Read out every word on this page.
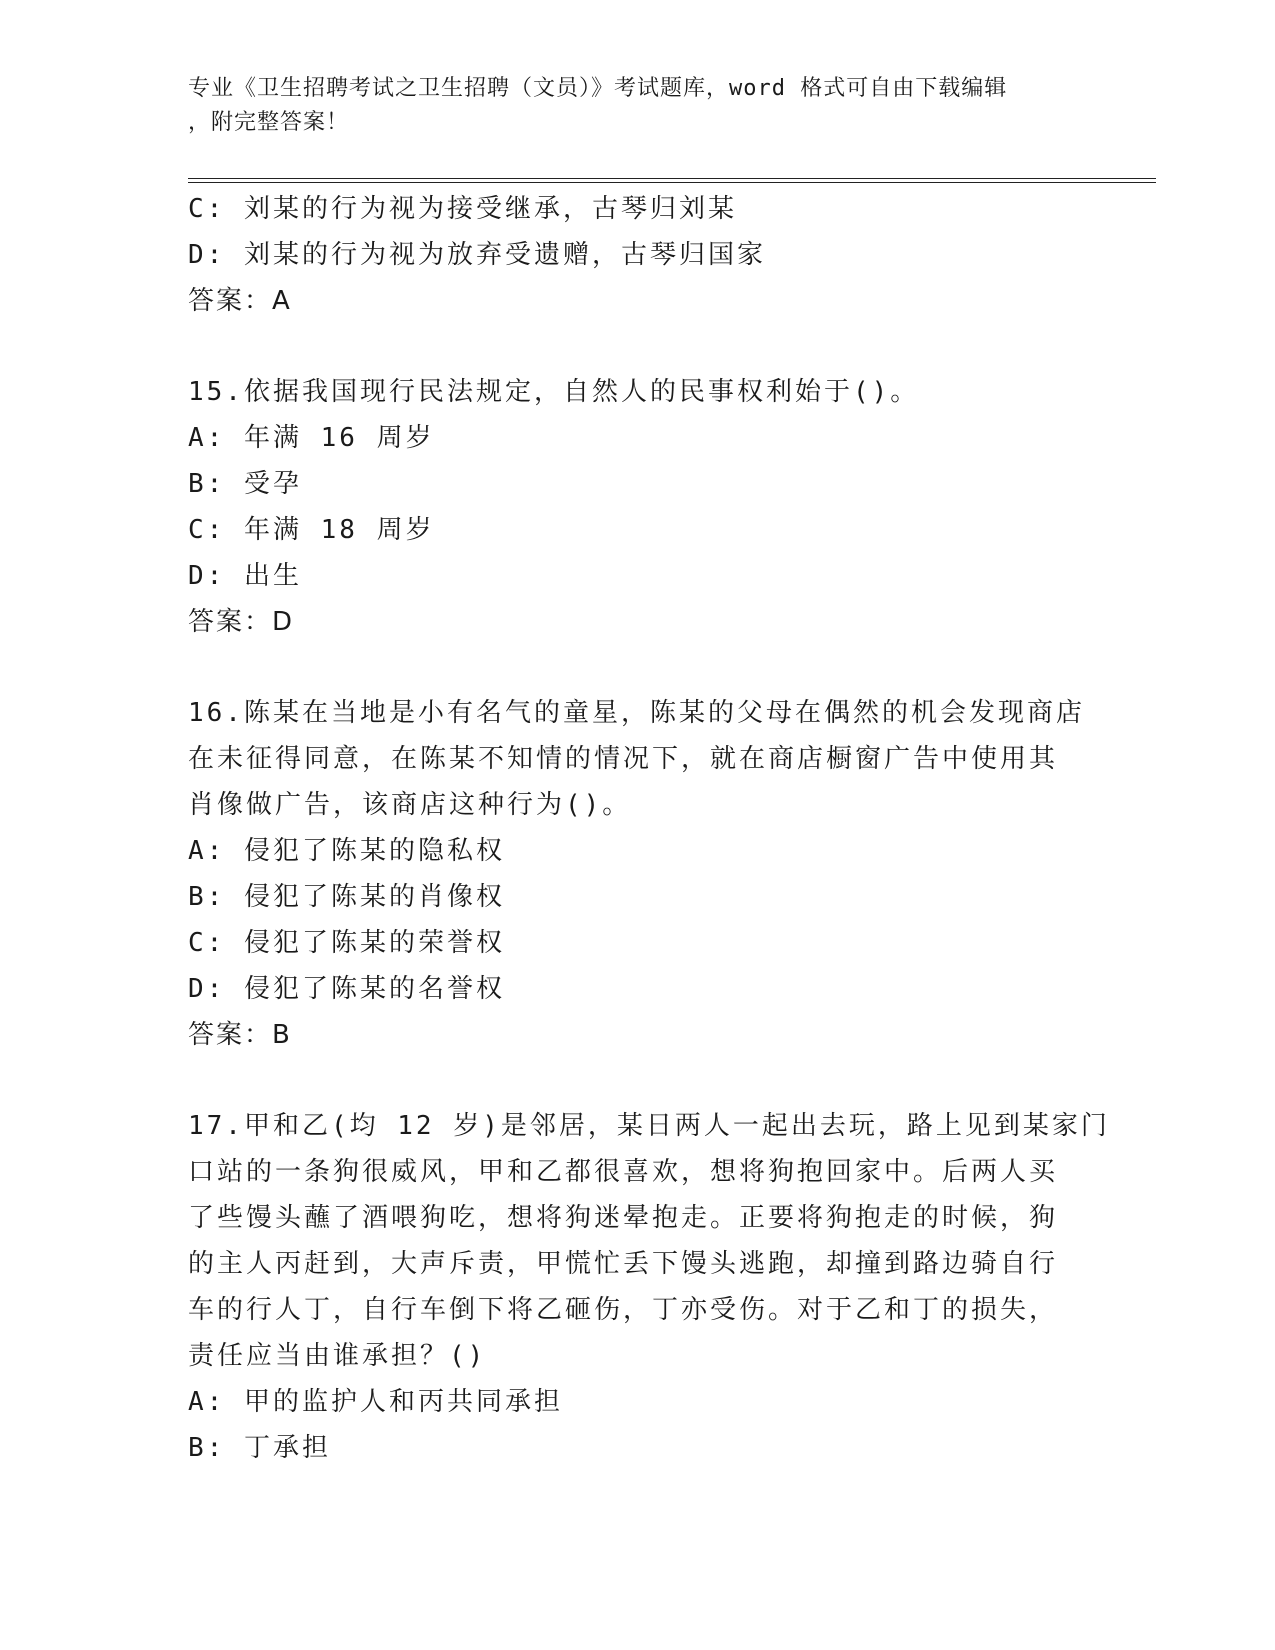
专业《卫生招聘考试之卫生招聘（文员）》考试题库，word 格式可自由下载编辑
，附完整答案！
C: 刘某的行为视为接受继承，古琴归刘某
D: 刘某的行为视为放弃受遗赠，古琴归国家
答案：A
15.依据我国现行民法规定，自然人的民事权利始于()。
A: 年满 16 周岁
B: 受孕
C: 年满 18 周岁
D: 出生
答案：D
16.陈某在当地是小有名气的童星，陈某的父母在偶然的机会发现商店
在未征得同意，在陈某不知情的情况下，就在商店橱窗广告中使用其
肖像做广告，该商店这种行为()。
A: 侵犯了陈某的隐私权
B: 侵犯了陈某的肖像权
C: 侵犯了陈某的荣誉权
D: 侵犯了陈某的名誉权
答案：B
17.甲和乙(均 12 岁)是邻居，某日两人一起出去玩，路上见到某家门
口站的一条狗很威风，甲和乙都很喜欢，想将狗抱回家中。后两人买
了些馒头蘸了酒喂狗吃，想将狗迷晕抱走。正要将狗抱走的时候，狗
的主人丙赶到，大声斥责，甲慌忙丢下馒头逃跑，却撞到路边骑自行
车的行人丁，自行车倒下将乙砸伤，丁亦受伤。对于乙和丁的损失，
责任应当由谁承担？()
A: 甲的监护人和丙共同承担
B: 丁承担
